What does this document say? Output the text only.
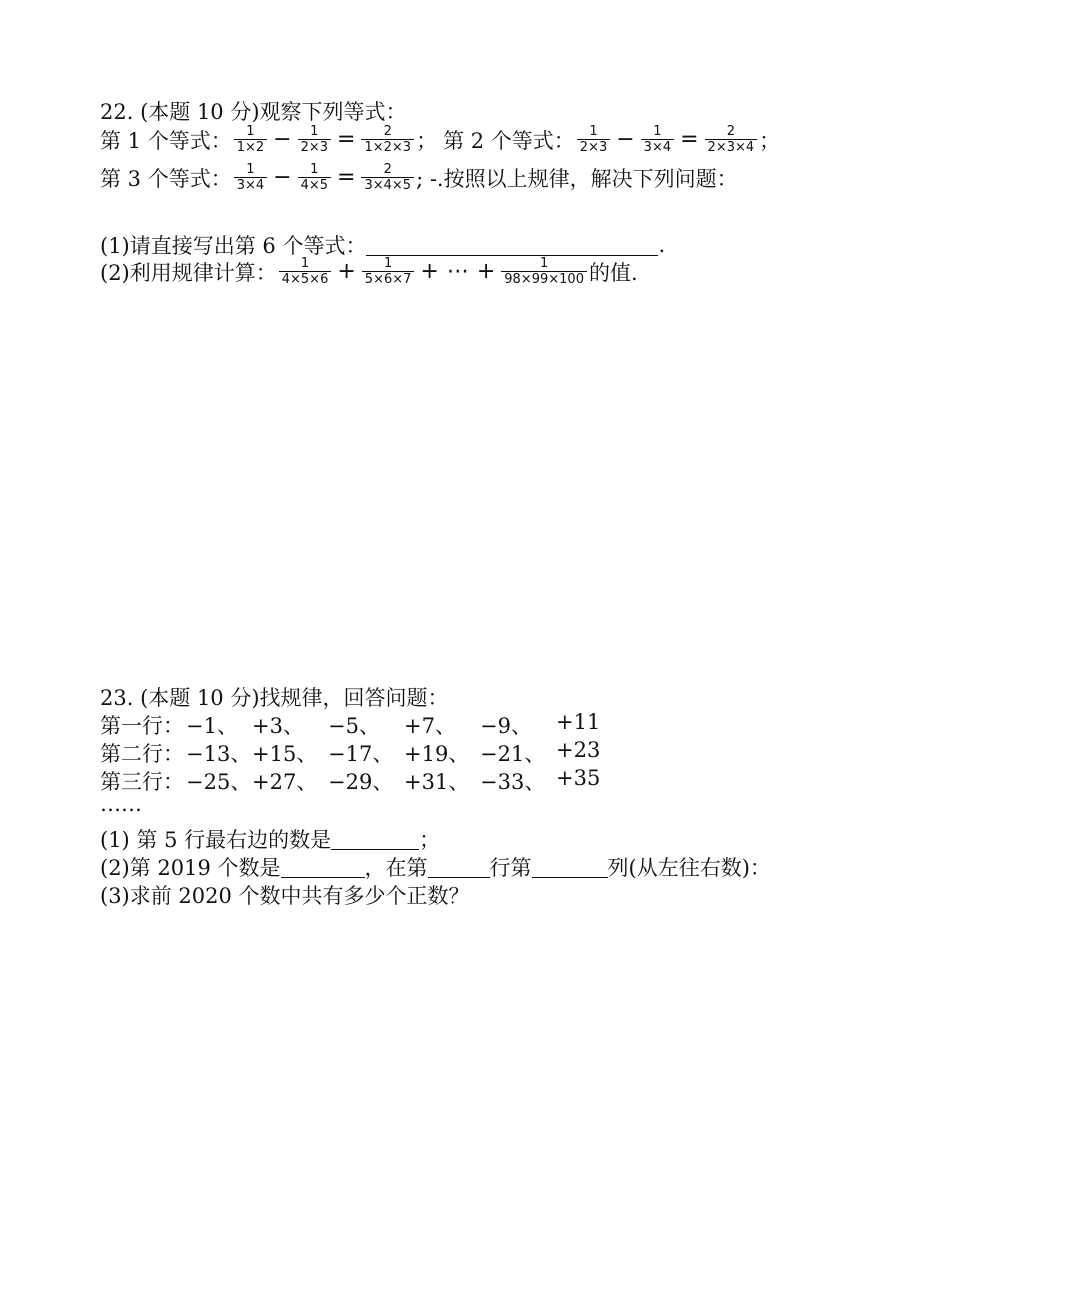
22. (本题 10 分)观察下列等式：
第 1 个等式： $\frac{1}{1\times 2} - \frac{1}{2\times 3} = \frac{2}{1\times 2\times 3}$ ； 第 2 个等式： $\frac{1}{2\times 3} - \frac{1}{3\times 4} = \frac{2}{2\times 3\times 4}$ ；
第 3 个等式： $\frac{1}{3\times 4} - \frac{1}{4\times 5} = \frac{2}{3\times 4\times 5}$ ; -.按照以上规律，解决下列问题：
(1)请直接写出第 6 个等式：	.
(2)利用规律计算： $\frac{1}{4\times 5\times 6} + \frac{1}{5\times 6\times 7}$ + ⋯ + $\frac{1}{98\times 99\times 100}$ 的值.
23. (本题 10 分)找规律，回答问题：
第一行： −1、 +3、 −5、 +7、 −9、 +11
第二行： −13、 +15、 −17、 +19、 −21、 +23
第三行： −25、 +27、 −29、 +31、 −33、 +35
……
(1) 第 5 行最右边的数是	；
(2)第 2019 个数是	，在第	行第	列(从左往右数)：
(3)求前 2020 个数中共有多少个正数？
